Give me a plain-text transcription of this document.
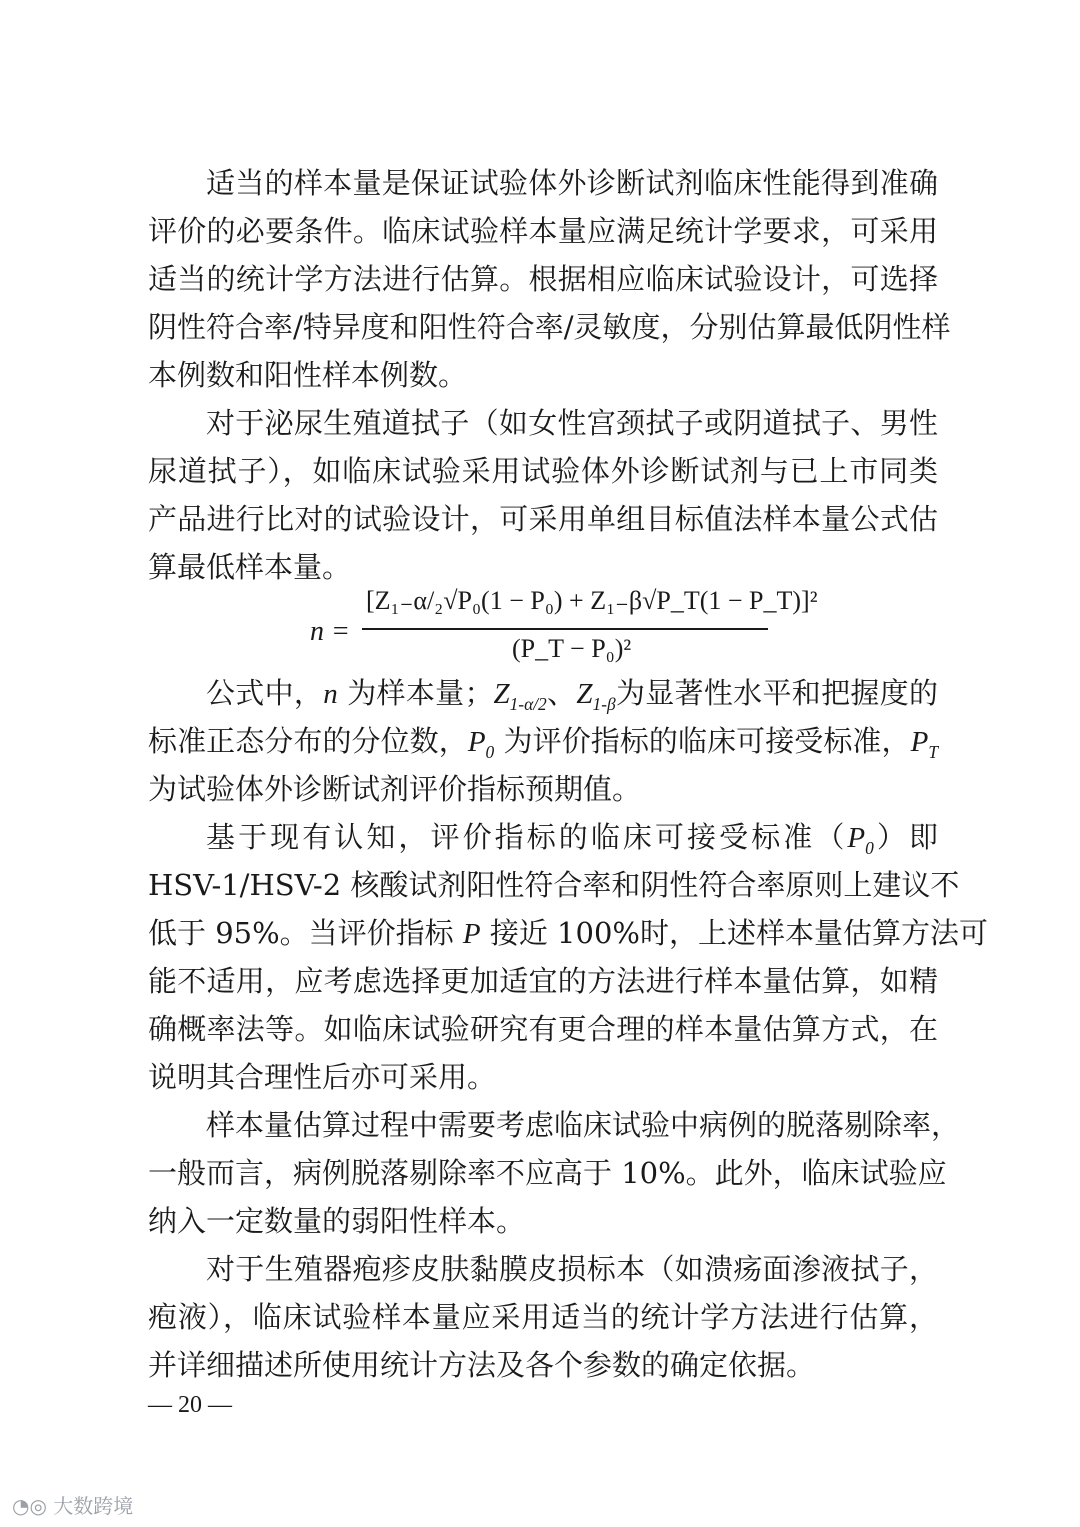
适当的样本量是保证试验体外诊断试剂临床性能得到准确
评价的必要条件。临床试验样本量应满足统计学要求，可采用
适当的统计学方法进行估算。根据相应临床试验设计，可选择
阴性符合率/特异度和阳性符合率/灵敏度，分别估算最低阴性样
本例数和阳性样本例数。
对于泌尿生殖道拭子（如女性宫颈拭子或阴道拭子、男性
尿道拭子），如临床试验采用试验体外诊断试剂与已上市同类
产品进行比对的试验设计，可采用单组目标值法样本量公式估
算最低样本量。
n =
[Z₁₋α/₂√P₀(1 − P₀) + Z₁₋β√P_T(1 − P_T)]²
(P_T − P₀)²
公式中，n 为样本量；$Z_{1-\alpha/2}$、$Z_{1-\beta}$为显著性水平和把握度的
标准正态分布的分位数，$P_0$ 为评价指标的临床可接受标准，$P_T$
为试验体外诊断试剂评价指标预期值。
基于现有认知，评价指标的临床可接受标准$(P_0)$即
HSV-1/HSV-2 核酸试剂阳性符合率和阴性符合率原则上建议不
低于 95%。当评价指标 P 接近 100%时，上述样本量估算方法可
能不适用，应考虑选择更加适宜的方法进行样本量估算，如精
确概率法等。如临床试验研究有更合理的样本量估算方式，在
说明其合理性后亦可采用。
样本量估算过程中需要考虑临床试验中病例的脱落剔除率，
一般而言，病例脱落剔除率不应高于 10%。此外，临床试验应
纳入一定数量的弱阳性样本。
对于生殖器疱疹皮肤黏膜皮损标本（如溃疡面渗液拭子，
疱液），临床试验样本量应采用适当的统计学方法进行估算，
并详细描述所使用统计方法及各个参数的确定依据。
— 20 —
◔◎ 大数跨境
